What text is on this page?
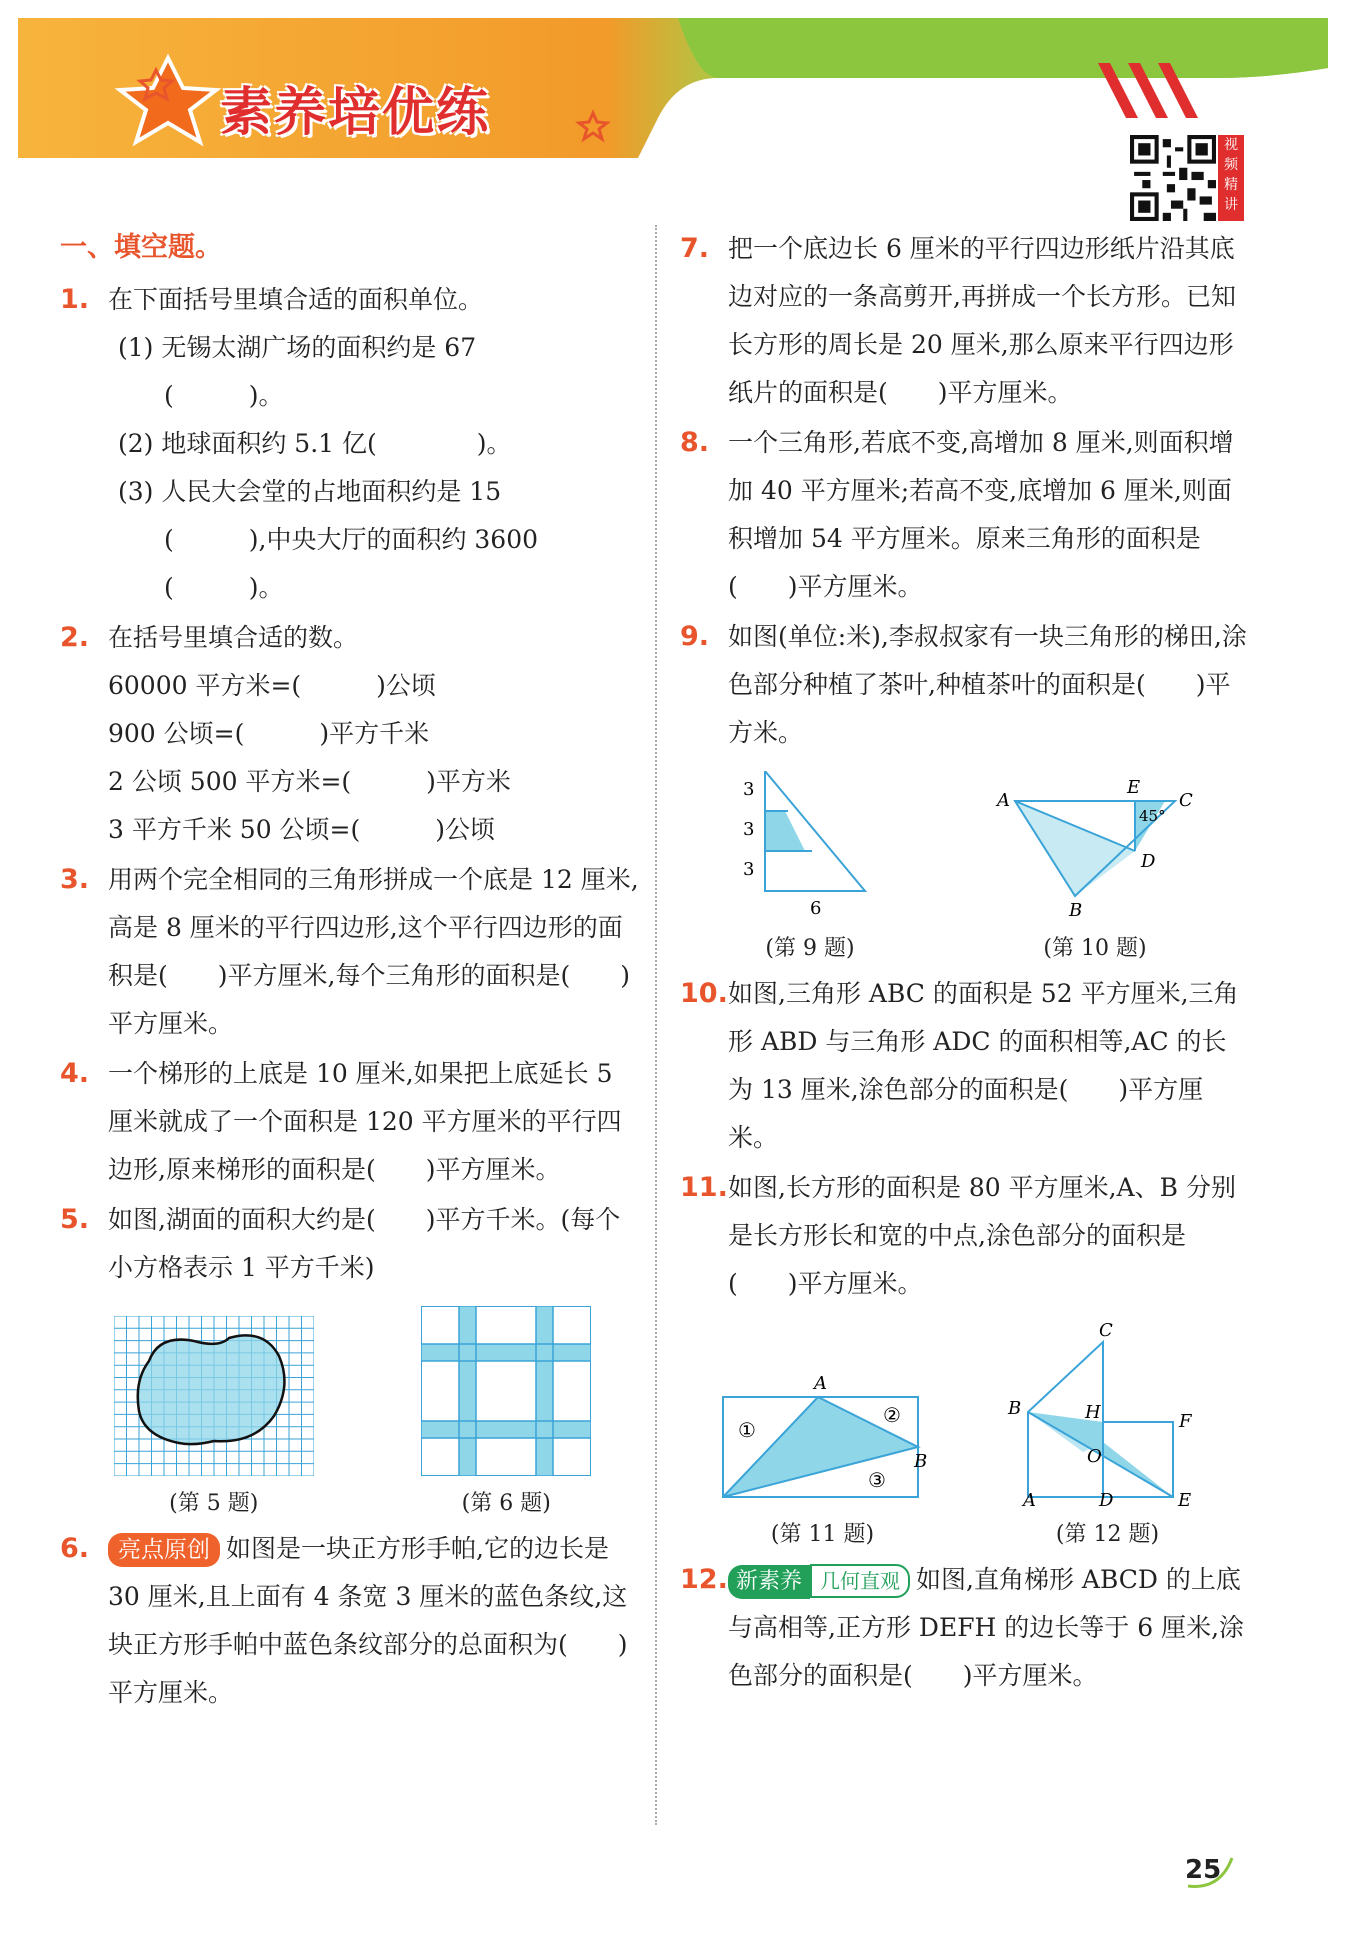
素养培优练
视频精讲
一、填空题。
1. 在下面括号里填合适的面积单位。
(1) 无锡太湖广场的面积约是 67
(　　　)。
(2) 地球面积约 5.1 亿(　　　　)。
(3) 人民大会堂的占地面积约是 15
(　　　),中央大厅的面积约 3600
(　　　)。
2. 在括号里填合适的数。
60000 平方米=(　　　)公顷
900 公顷=(　　　)平方千米
2 公顷 500 平方米=(　　　)平方米
3 平方千米 50 公顷=(　　　)公顷
3. 用两个完全相同的三角形拼成一个底是 12 厘米,高是 8 厘米的平行四边形,这个平行四边形的面积是(　　)平方厘米,每个三角形的面积是(　　)平方厘米。
4. 一个梯形的上底是 10 厘米,如果把上底延长 5 厘米就成了一个面积是 120 平方厘米的平行四边形,原来梯形的面积是(　　)平方厘米。
5. 如图,湖面的面积大约是(　　)平方千米。(每个小方格表示 1 平方千米)
(第 5 题)	(第 6 题)
6.	亮点原创 如图是一块正方形手帕,它的边长是 30 厘米,且上面有 4 条宽 3 厘米的蓝色条纹,这块正方形手帕中蓝色条纹部分的总面积为(　　)平方厘米。
7. 把一个底边长 6 厘米的平行四边形纸片沿其底边对应的一条高剪开,再拼成一个长方形。已知长方形的周长是 20 厘米,那么原来平行四边形纸片的面积是(　　)平方厘米。
8. 一个三角形,若底不变,高增加 8 厘米,则面积增加 40 平方厘米;若高不变,底增加 6 厘米,则面积增加 54 平方厘米。原来三角形的面积是(　　)平方厘米。
9. 如图(单位:米),李叔叔家有一块三角形的梯田,涂色部分种植了茶叶,种植茶叶的面积是(　　)平方米。
3
3
3
6
(第 9 题)
A	C
E
D
B
45°
(第 10 题)
10. 如图,三角形 ABC 的面积是 52 平方厘米,三角形 ABD 与三角形 ADC 的面积相等,AC 的长为 13 厘米,涂色部分的面积是(　　)平方厘米。
11. 如图,长方形的面积是 80 平方厘米,A、B 分别是长方形长和宽的中点,涂色部分的面积是(　　)平方厘米。
A
B
①
②
③
(第 11 题)
C
B	H	F
O
A	D	E
(第 12 题)
12. 新素养 几何直观 如图,直角梯形 ABCD 的上底与高相等,正方形 DEFH 的边长等于 6 厘米,涂色部分的面积是(　　)平方厘米。
25
